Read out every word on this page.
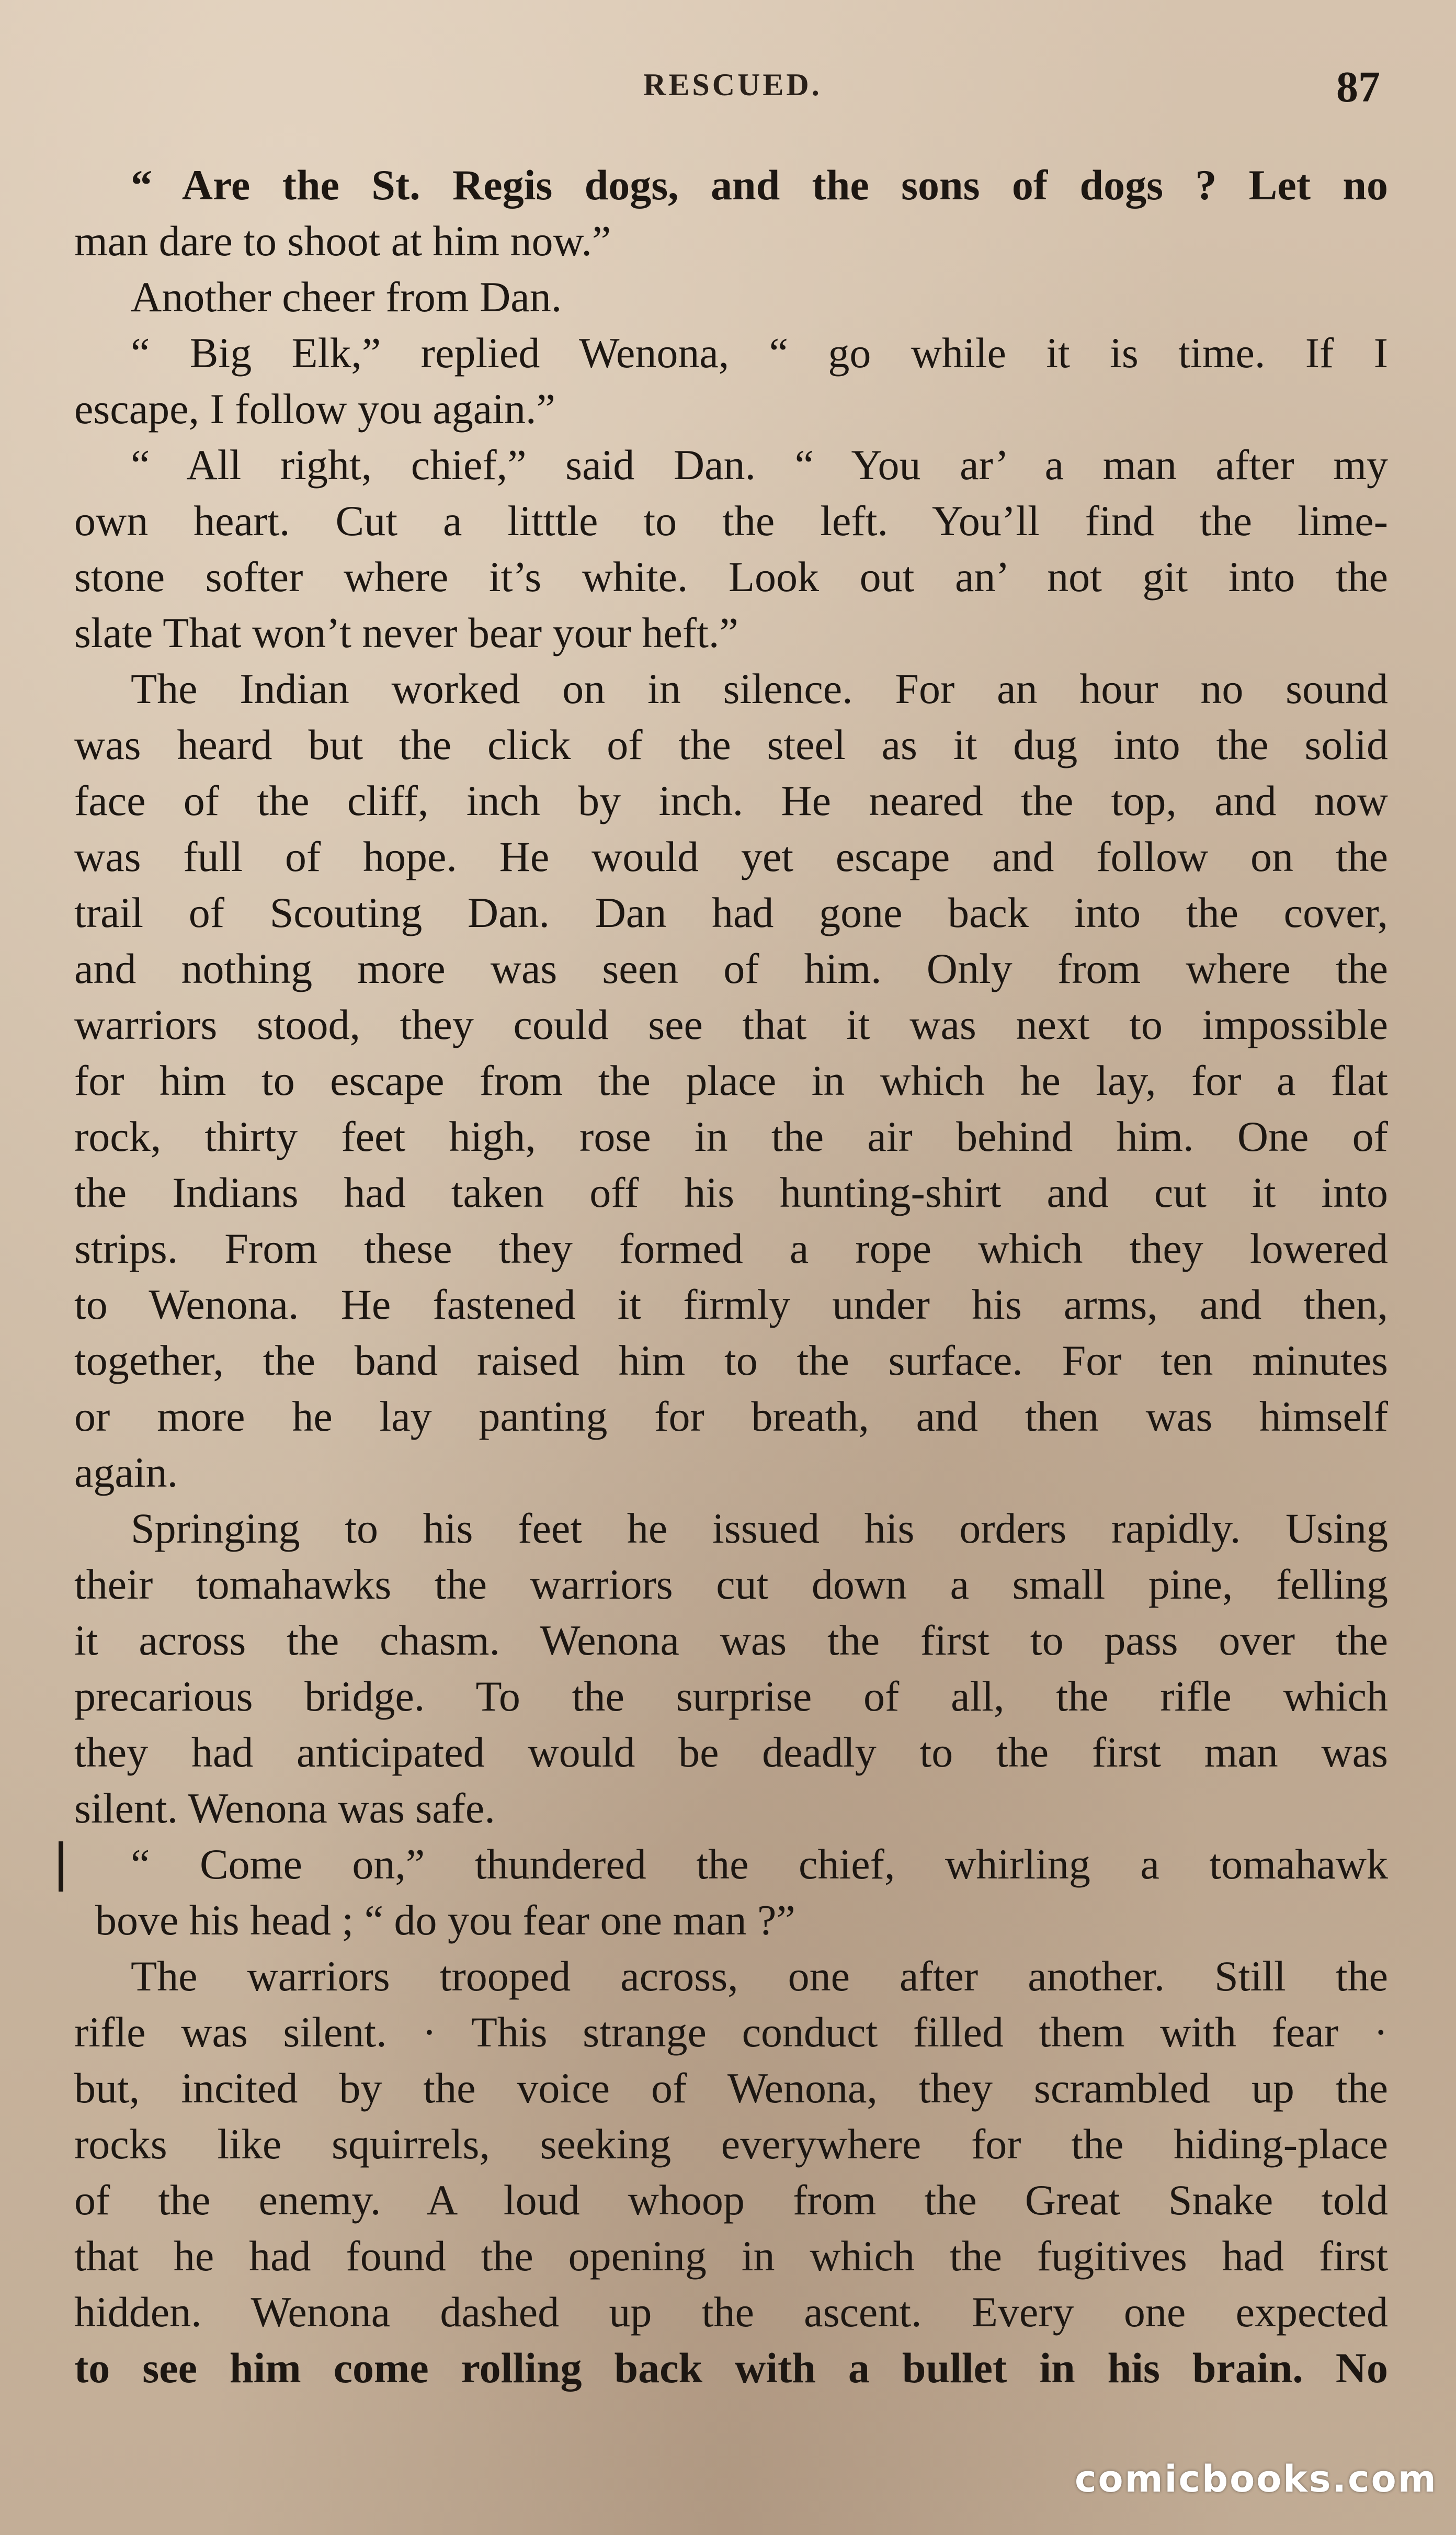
RESCUED.	87
“ Are the St. Regis dogs, and the sons of dogs ? Let no
man dare to shoot at him now.”
Another cheer from Dan.
“ Big Elk,” replied Wenona, “ go while it is time. If I
escape, I follow you again.”
“ All right, chief,” said Dan. “ You ar’ a man after my
own heart. Cut a litttle to the left. You’ll find the lime-
stone softer where it’s white. Look out an’ not git into the
slate That won’t never bear your heft.”
The Indian worked on in silence. For an hour no sound
was heard but the click of the steel as it dug into the solid
face of the cliff, inch by inch. He neared the top, and now
was full of hope. He would yet escape and follow on the
trail of Scouting Dan. Dan had gone back into the cover,
and nothing more was seen of him. Only from where the
warriors stood, they could see that it was next to impossible
for him to escape from the place in which he lay, for a flat
rock, thirty feet high, rose in the air behind him. One of
the Indians had taken off his hunting-shirt and cut it into
strips. From these they formed a rope which they lowered
to Wenona. He fastened it firmly under his arms, and then,
together, the band raised him to the surface. For ten minutes
or more he lay panting for breath, and then was himself
again.
Springing to his feet he issued his orders rapidly. Using
their tomahawks the warriors cut down a small pine, felling
it across the chasm. Wenona was the first to pass over the
precarious bridge. To the surprise of all, the rifle which
they had anticipated would be deadly to the first man was
silent. Wenona was safe.
“ Come on,” thundered the chief, whirling a tomahawk
bove his head ; “ do you fear one man ?”
The warriors trooped across, one after another. Still the
rifle was silent. · This strange conduct filled them with fear ·
but, incited by the voice of Wenona, they scrambled up the
rocks like squirrels, seeking everywhere for the hiding-place
of the enemy. A loud whoop from the Great Snake told
that he had found the opening in which the fugitives had first
hidden. Wenona dashed up the ascent. Every one expected
to see him come rolling back with a bullet in his brain. No
comicbooks.com
